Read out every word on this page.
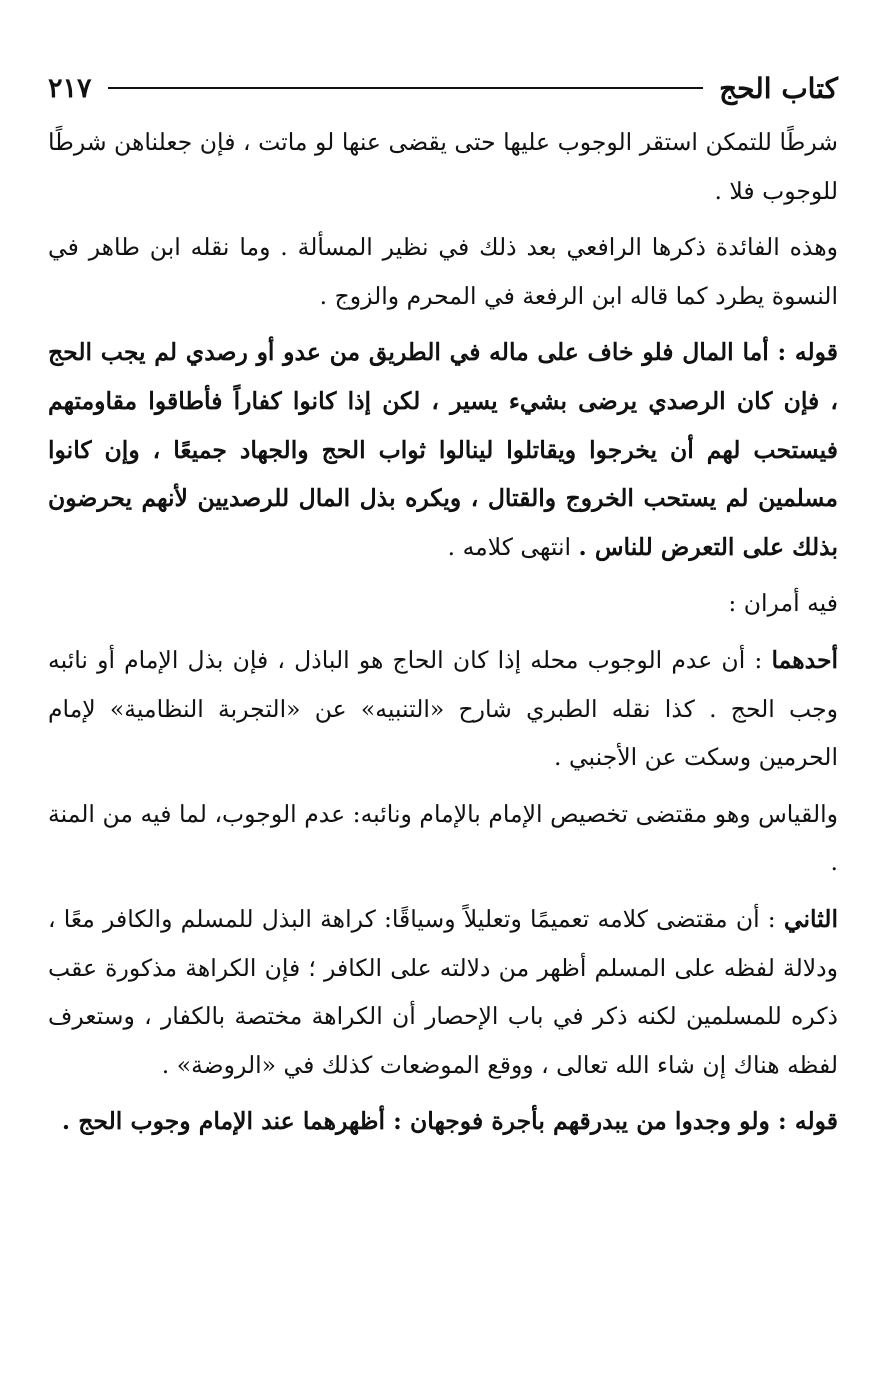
كتاب الحج
٢١٧

شرطًا للتمكن استقر الوجوب عليها حتى يقضى عنها لو ماتت ، فإن جعلناهن شرطًا للوجوب فلا .

وهذه الفائدة ذكرها الرافعي بعد ذلك في نظير المسألة . وما نقله ابن طاهر في النسوة يطرد كما قاله ابن الرفعة في المحرم والزوج .

قوله : أما المال فلو خاف على ماله في الطريق من عدو أو رصدي لم يجب الحج ، فإن كان الرصدي يرضى بشيء يسير ، لكن إذا كانوا كفاراً فأطاقوا مقاومتهم فيستحب لهم أن يخرجوا ويقاتلوا لينالوا ثواب الحج والجهاد جميعًا ، وإن كانوا مسلمين لم يستحب الخروج والقتال ، ويكره بذل المال للرصديين لأنهم يحرضون بذلك على التعرض للناس . انتهى كلامه .

فيه أمران :

أحدهما : أن عدم الوجوب محله إذا كان الحاج هو الباذل ، فإن بذل الإمام أو نائبه وجب الحج . كذا نقله الطبري شارح «التنبيه» عن «التجربة النظامية» لإمام الحرمين وسكت عن الأجنبي .

والقياس وهو مقتضى تخصيص الإمام بالإمام ونائبه: عدم الوجوب، لما فيه من المنة .

الثاني : أن مقتضى كلامه تعميمًا وتعليلاً وسياقًا: كراهة البذل للمسلم والكافر معًا ، ودلالة لفظه على المسلم أظهر من دلالته على الكافر ؛ فإن الكراهة مذكورة عقب ذكره للمسلمين لكنه ذكر في باب الإحصار أن الكراهة مختصة بالكفار ، وستعرف لفظه هناك إن شاء الله تعالى ، ووقع الموضعات كذلك في «الروضة» .

قوله : ولو وجدوا من يبدرقهم بأجرة فوجهان : أظهرهما عند الإمام وجوب الحج .
